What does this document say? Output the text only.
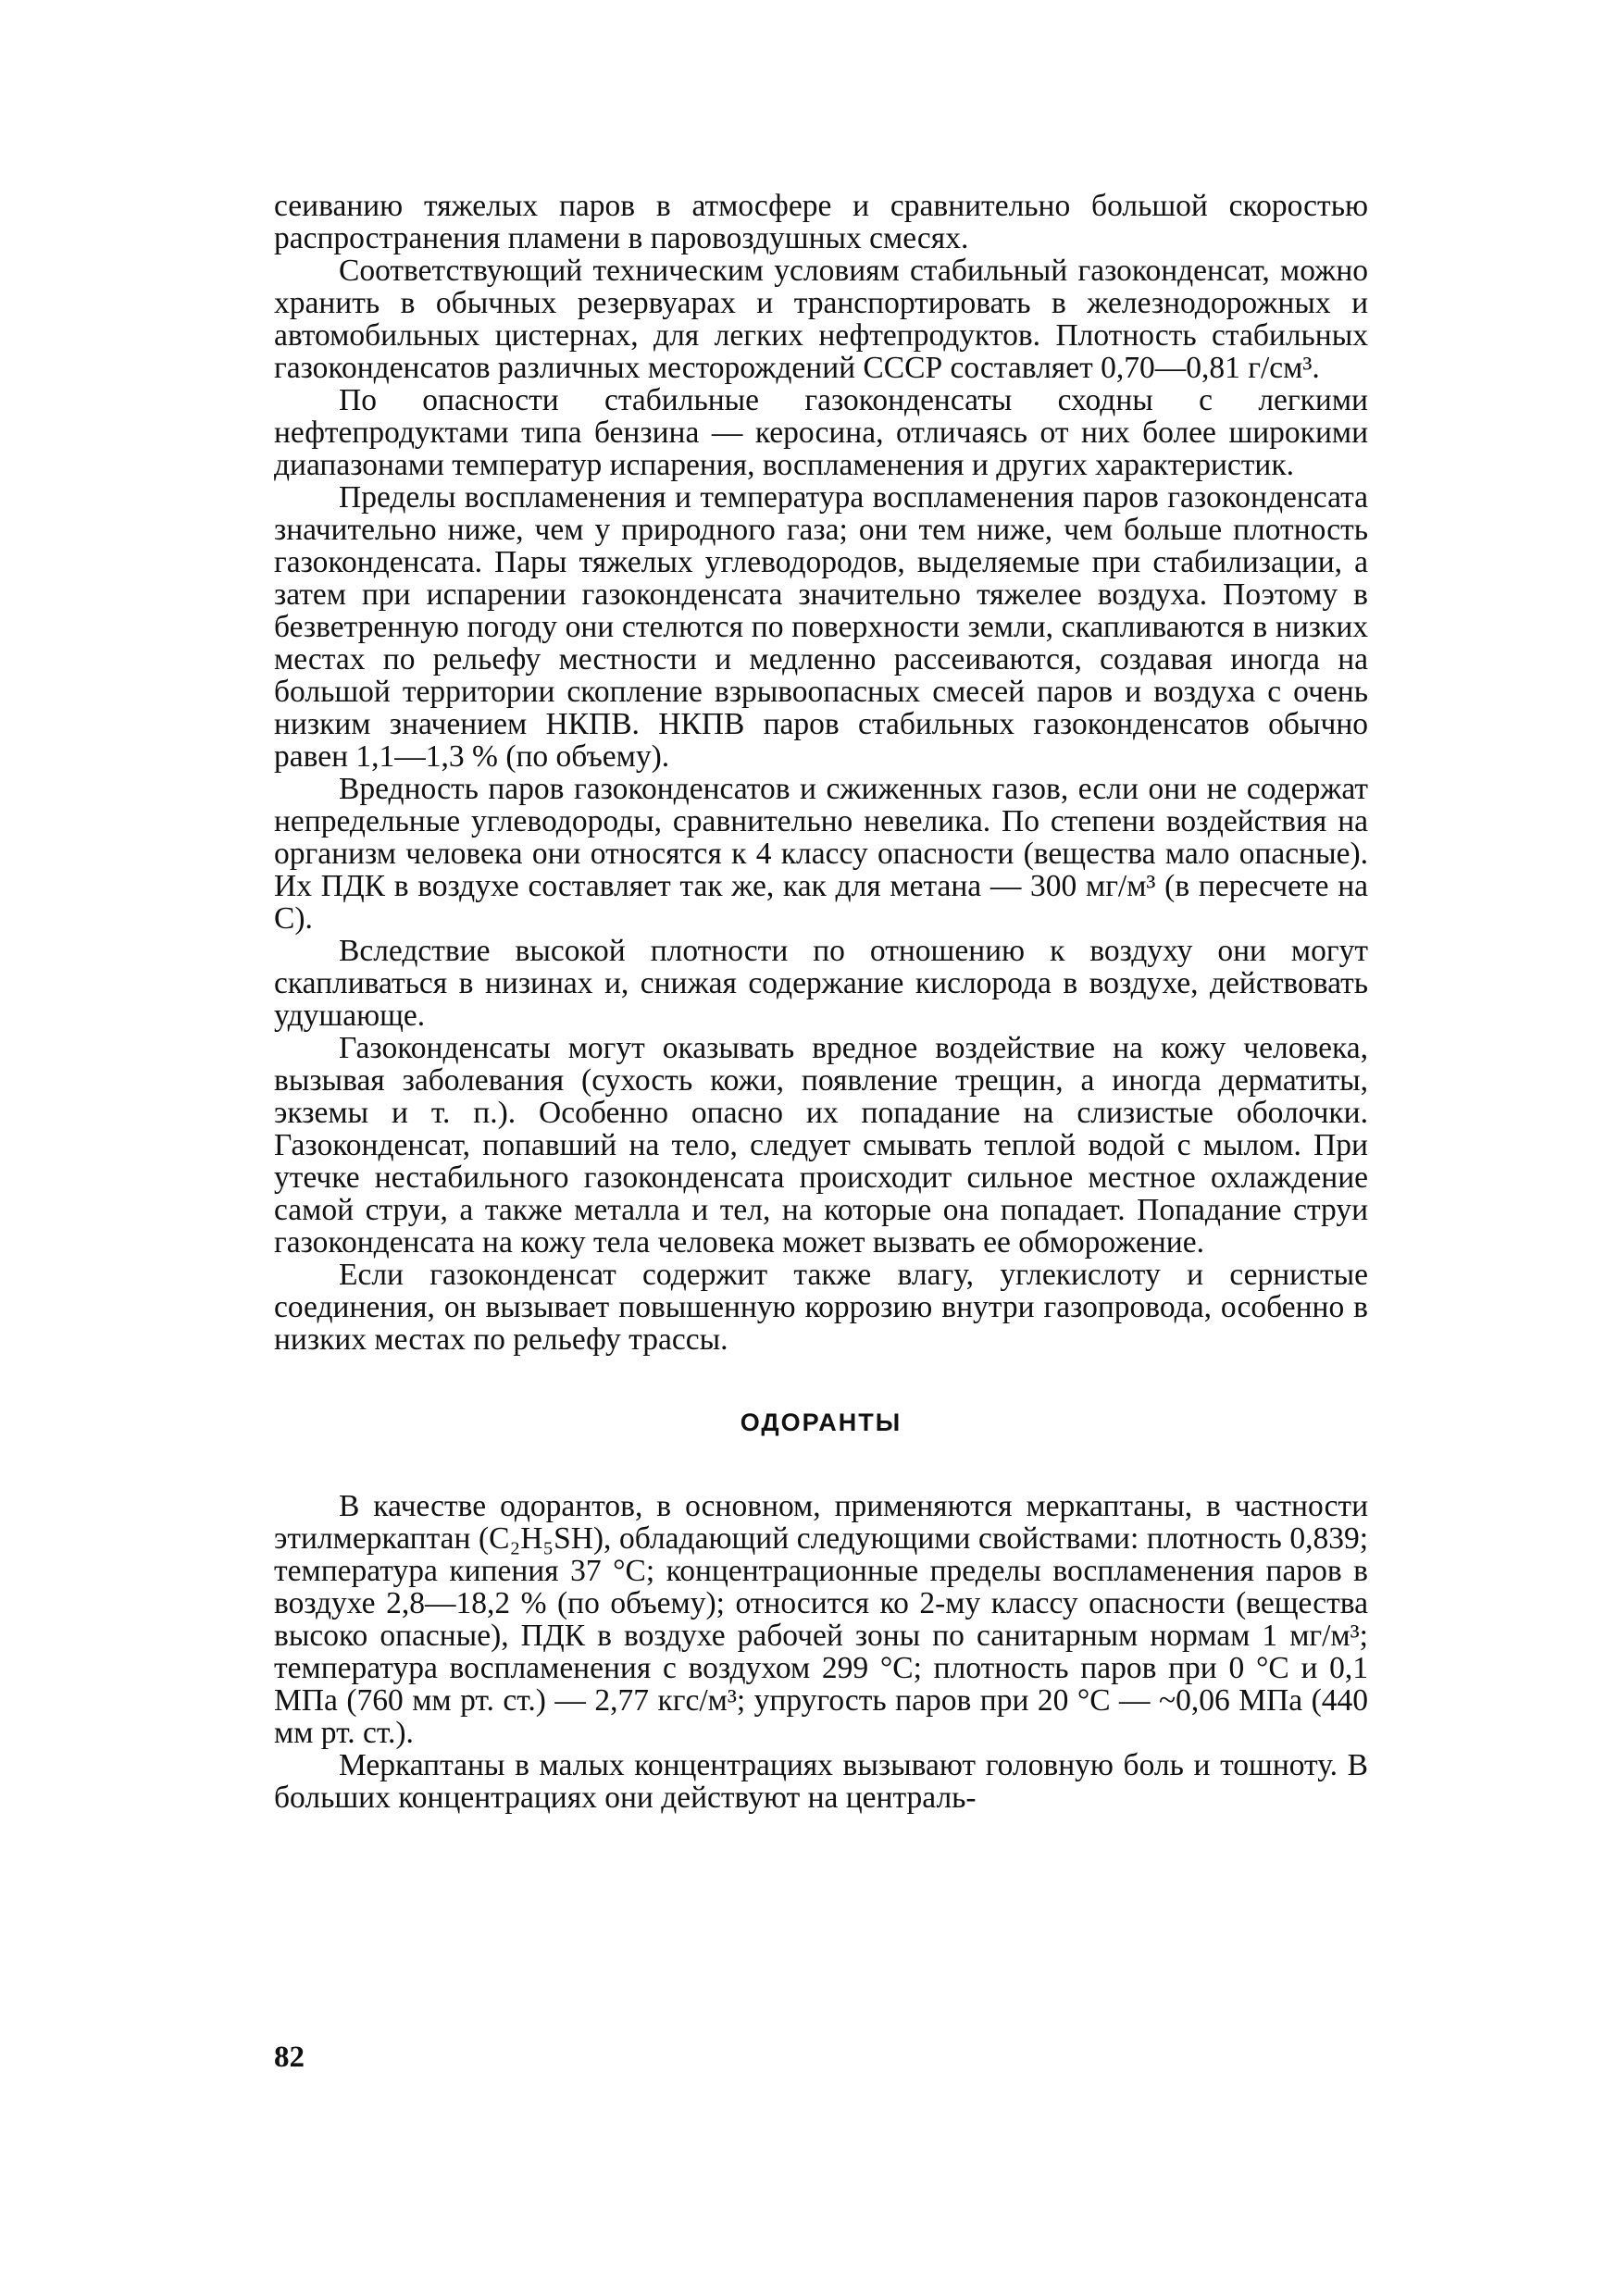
сеиванию тяжелых паров в атмосфере и сравнительно большой скоростью распространения пламени в паровоздушных смесях.

Соответствующий техническим условиям стабильный газоконденсат, можно хранить в обычных резервуарах и транспортировать в железнодорожных и автомобильных цистернах, для легких нефтепродуктов. Плотность стабильных газоконденсатов различных месторождений СССР составляет 0,70—0,81 г/см³.

По опасности стабильные газоконденсаты сходны с легкими нефтепродуктами типа бензина — керосина, отличаясь от них более широкими диапазонами температур испарения, воспламенения и других характеристик.

Пределы воспламенения и температура воспламенения паров газоконденсата значительно ниже, чем у природного газа; они тем ниже, чем больше плотность газоконденсата. Пары тяжелых углеводородов, выделяемые при стабилизации, а затем при испарении газоконденсата значительно тяжелее воздуха. Поэтому в безветренную погоду они стелются по поверхности земли, скапливаются в низких местах по рельефу местности и медленно рассеиваются, создавая иногда на большой территории скопление взрывоопасных смесей паров и воздуха с очень низким значением НКПВ. НКПВ паров стабильных газоконденсатов обычно равен 1,1—1,3 % (по объему).

Вредность паров газоконденсатов и сжиженных газов, если они не содержат непредельные углеводороды, сравнительно невелика. По степени воздействия на организм человека они относятся к 4 классу опасности (вещества мало опасные). Их ПДК в воздухе составляет так же, как для метана — 300 мг/м³ (в пересчете на С).

Вследствие высокой плотности по отношению к воздуху они могут скапливаться в низинах и, снижая содержание кислорода в воздухе, действовать удушающе.

Газоконденсаты могут оказывать вредное воздействие на кожу человека, вызывая заболевания (сухость кожи, появление трещин, а иногда дерматиты, экземы и т. п.). Особенно опасно их попадание на слизистые оболочки. Газоконденсат, попавший на тело, следует смывать теплой водой с мылом. При утечке нестабильного газоконденсата происходит сильное местное охлаждение самой струи, а также металла и тел, на которые она попадает. Попадание струи газоконденсата на кожу тела человека может вызвать ее обморожение.

Если газоконденсат содержит также влагу, углекислоту и сернистые соединения, он вызывает повышенную коррозию внутри газопровода, особенно в низких местах по рельефу трассы.

ОДОРАНТЫ

В качестве одорантов, в основном, применяются меркаптаны, в частности этилмеркаптан (C₂H₅SH), обладающий следующими свойствами: плотность 0,839; температура кипения 37 °С; концентрационные пределы воспламенения паров в воздухе 2,8—18,2 % (по объему); относится ко 2-му классу опасности (вещества высоко опасные), ПДК в воздухе рабочей зоны по санитарным нормам 1 мг/м³; температура воспламенения с воздухом 299 °С; плотность паров при 0 °С и 0,1 МПа (760 мм рт. ст.) — 2,77 кгс/м³; упругость паров при 20 °С — ~0,06 МПа (440 мм рт. ст.).

Меркаптаны в малых концентрациях вызывают головную боль и тошноту. В больших концентрациях они действуют на централь-

82
